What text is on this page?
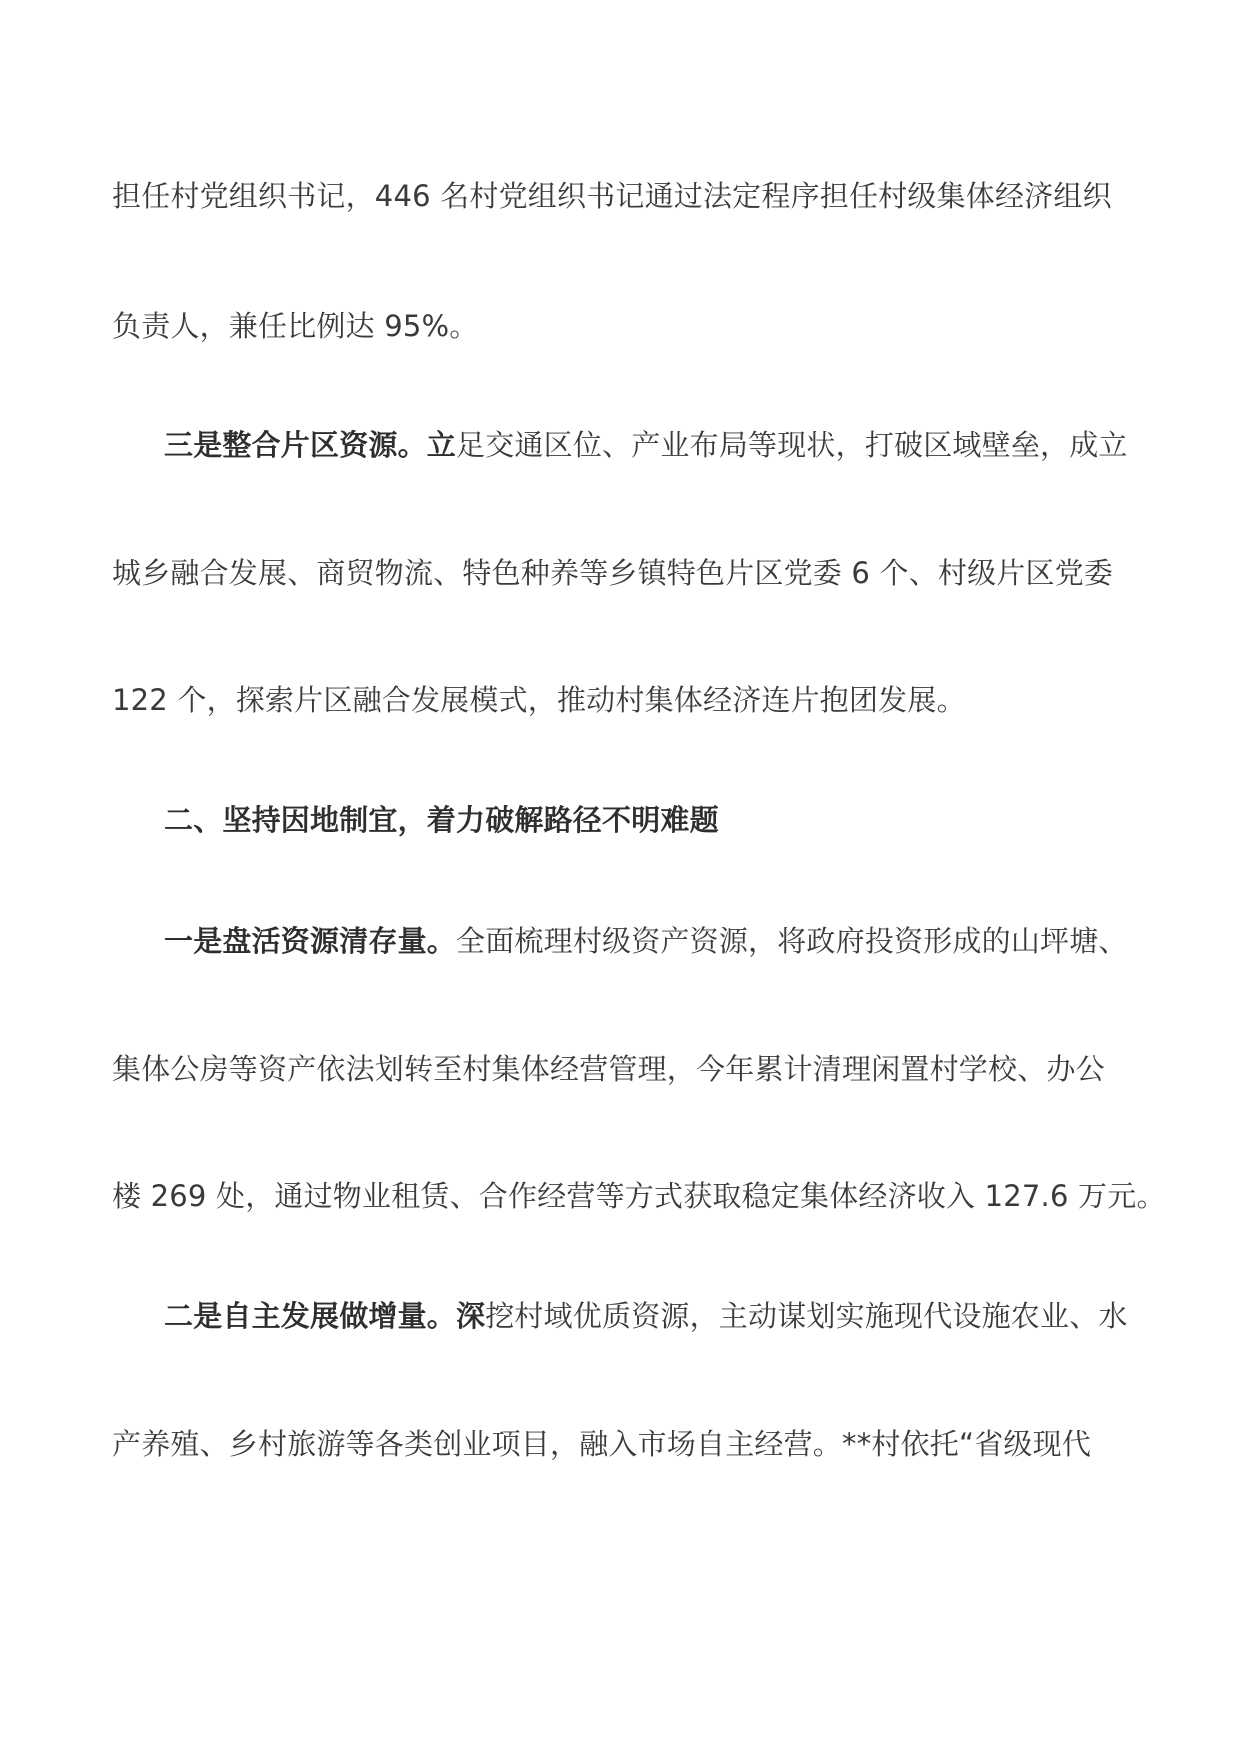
担任村党组织书记，446 名村党组织书记通过法定程序担任村级集体经济组织
负责人，兼任比例达 95%。
三是整合片区资源。立足交通区位、产业布局等现状，打破区域壁垒，成立
城乡融合发展、商贸物流、特色种养等乡镇特色片区党委 6 个、村级片区党委
122 个，探索片区融合发展模式，推动村集体经济连片抱团发展。
二、坚持因地制宜，着力破解路径不明难题
一是盘活资源清存量。全面梳理村级资产资源，将政府投资形成的山坪塘、
集体公房等资产依法划转至村集体经营管理，今年累计清理闲置村学校、办公
楼 269 处，通过物业租赁、合作经营等方式获取稳定集体经济收入 127.6 万元。
二是自主发展做增量。深挖村域优质资源，主动谋划实施现代设施农业、水
产养殖、乡村旅游等各类创业项目，融入市场自主经营。**村依托“省级现代
